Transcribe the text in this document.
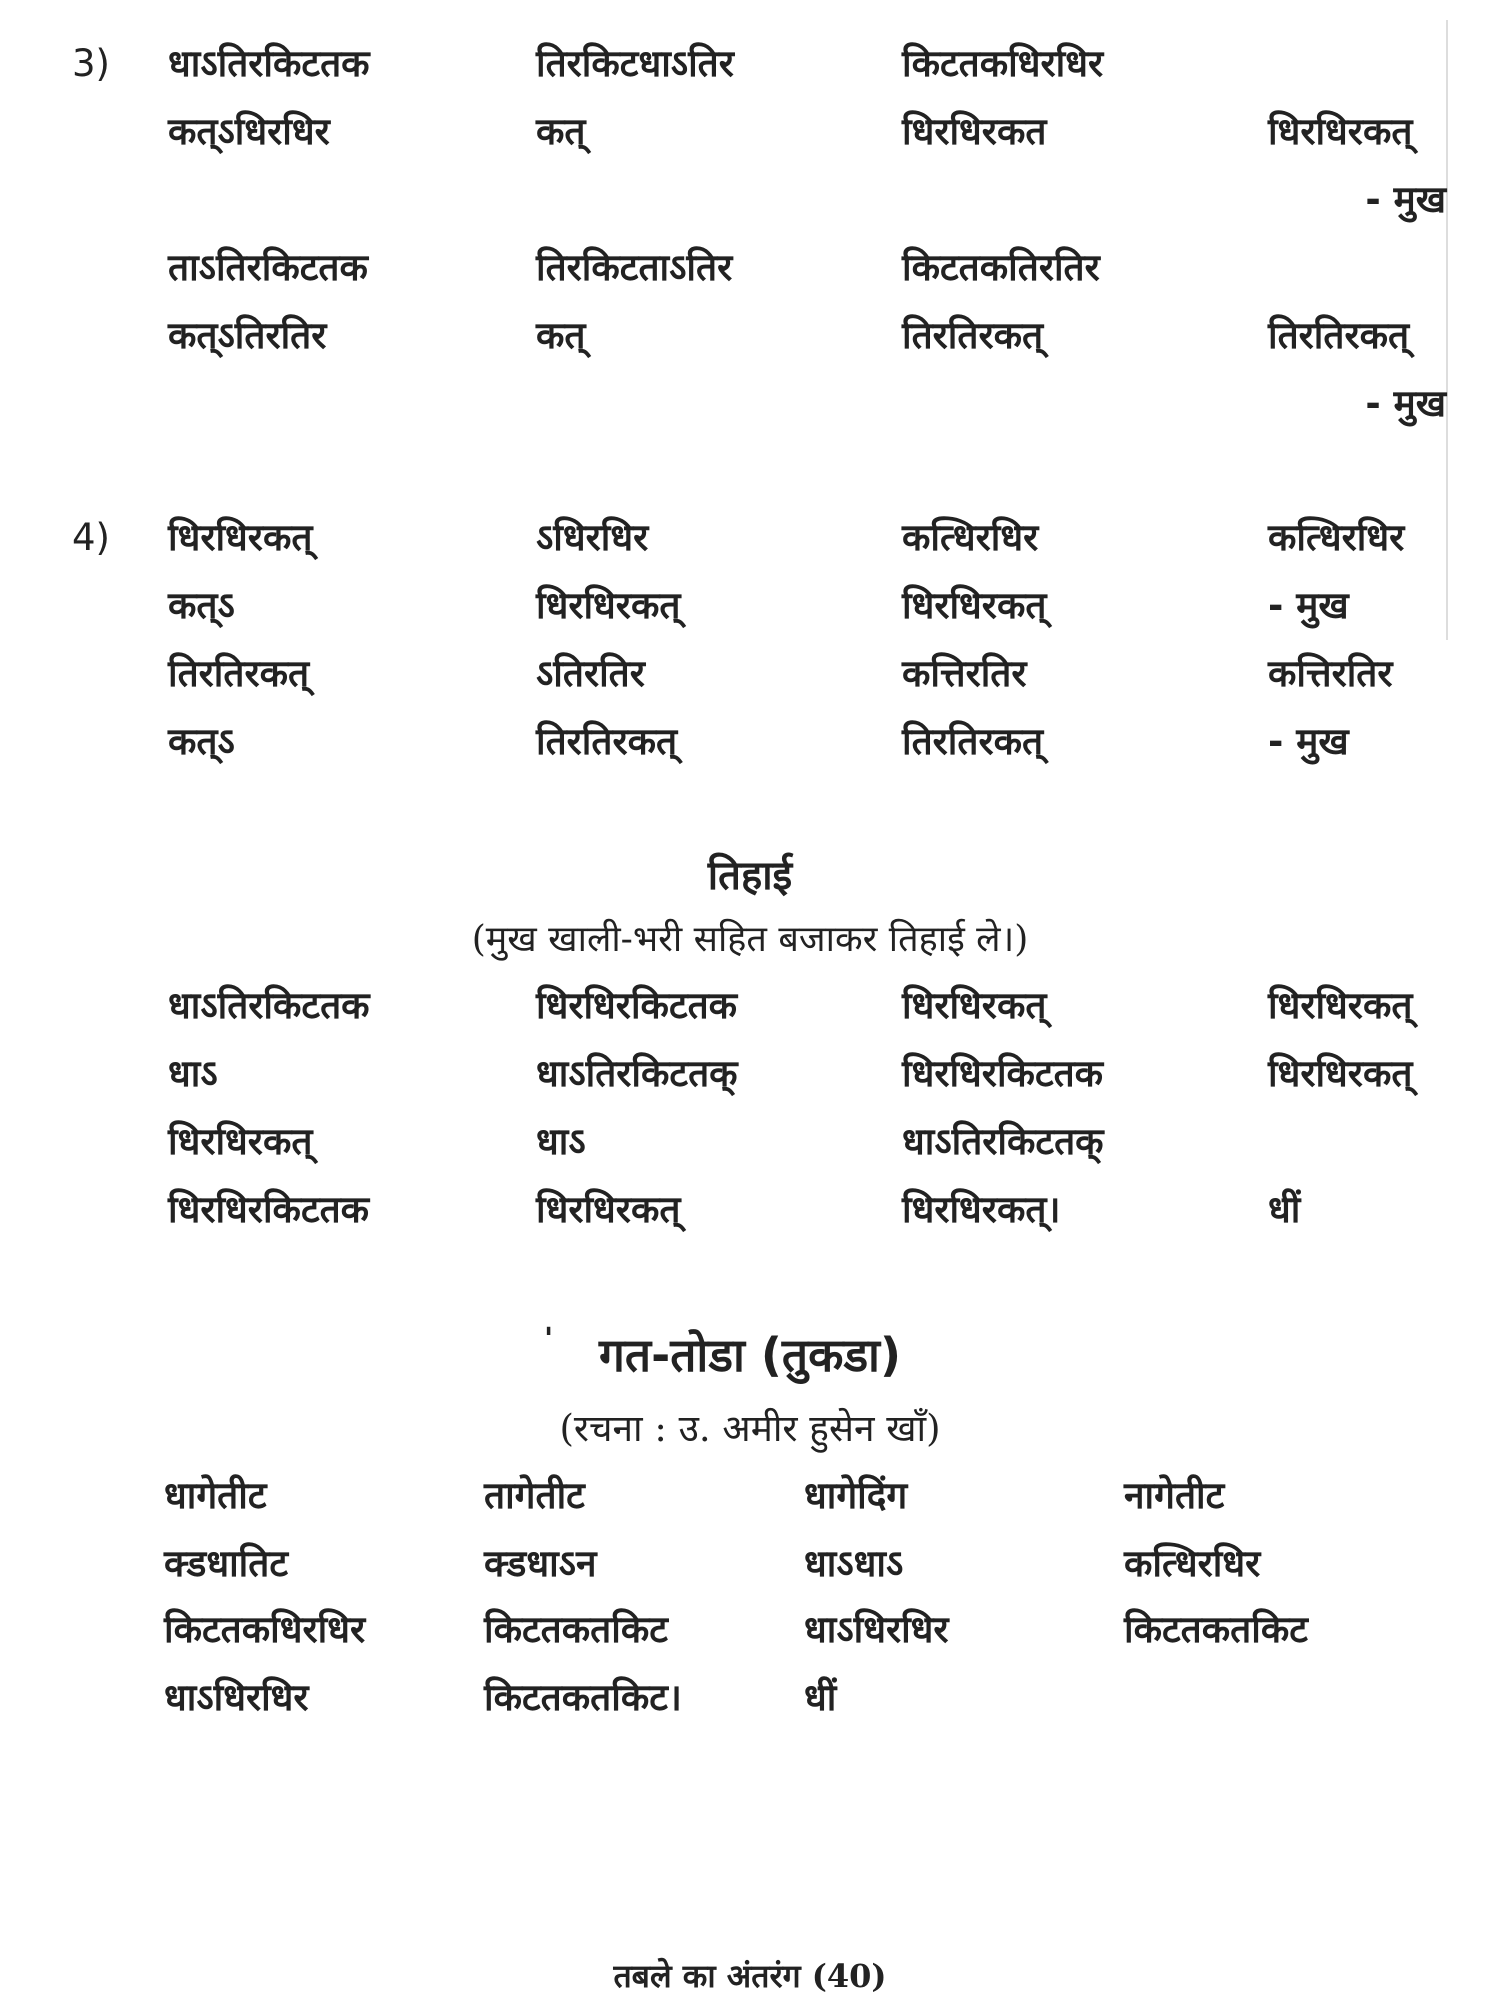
3) धाऽतिरकिटतक	तिरकिटधाऽतिर	किटतकधिरधिर
कत्ऽधिरधिर	कत्	धिरधिरकत	धिरधिरकत्
- मुख
ताऽतिरकिटतक	तिरकिटताऽतिर	किटतकतिरतिर
कत्ऽतिरतिर	कत्	तिरतिरकत्	तिरतिरकत्
- मुख
4) धिरधिरकत्	ऽधिरधिर	कत्धिरधिर	कत्धिरधिर
कत्ऽ	धिरधिरकत्	धिरधिरकत्	- मुख
तिरतिरकत्	ऽतिरतिर	कत्तिरतिर	कत्तिरतिर
कत्ऽ	तिरतिरकत्	तिरतिरकत्	- मुख
तिहाई
(मुख खाली-भरी सहित बजाकर तिहाई ले।)
धाऽतिरकिटतक	धिरधिरकिटतक	धिरधिरकत्	धिरधिरकत्
धाऽ	धाऽतिरकिटतक्	धिरधिरकिटतक	धिरधिरकत्
धिरधिरकत्	धाऽ	धाऽतिरकिटतक्
धिरधिरकिटतक	धिरधिरकत्	धिरधिरकत्।	धीं
' गत-तोडा (तुकडा)
(रचना : उ. अमीर हुसेन खाँ)
धागेतीट	तागेतीट	धागेदिंग	नागेतीट
क्डधातिट	क्डधाऽन	धाऽधाऽ	कत्धिरधिर
किटतकधिरधिर	किटतकतकिट	धाऽधिरधिर	किटतकतकिट
धाऽधिरधिर	किटतकतकिट।	धीं
तबले का अंतरंग (40)
